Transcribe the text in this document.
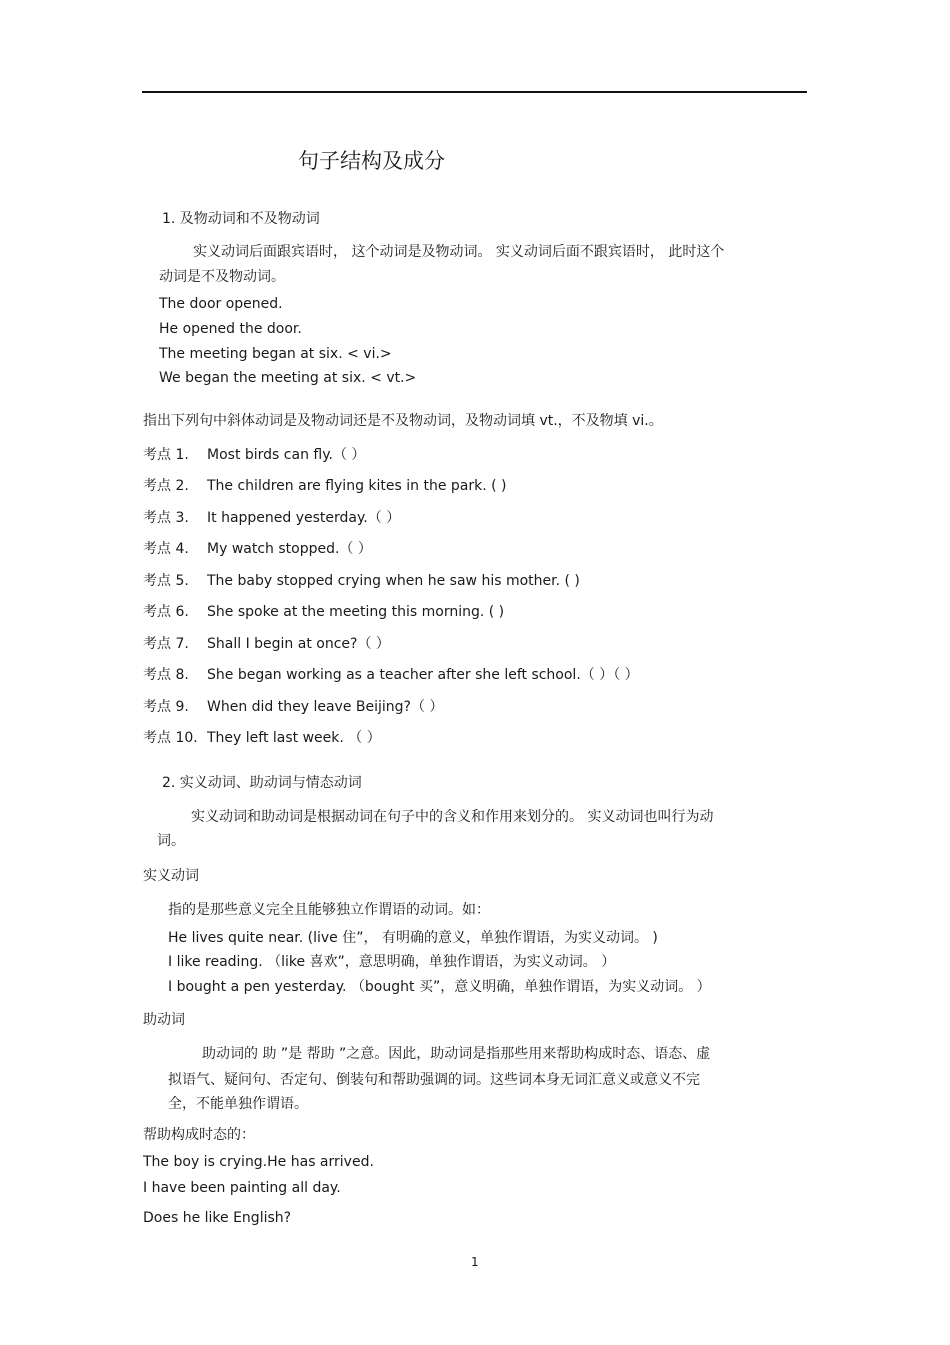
句子结构及成分
1. 及物动词和不及物动词
实义动词后面跟宾语时， 这个动词是及物动词。 实义动词后面不跟宾语时， 此时这个
动词是不及物动词。
The door opened.
He opened the door.
The meeting began at six. < vi.>
We began the meeting at six. < vt.>
指出下列句中斜体动词是及物动词还是不及物动词，及物动词填 vt.，不及物填 vi.。
考点 1. Most birds can fly.（ ）
考点 2. The children are flying kites in the park. ( )
考点 3. It happened yesterday.（ ）
考点 4. My watch stopped.（ ）
考点 5. The baby stopped crying when he saw his mother. ( )
考点 6. She spoke at the meeting this morning. ( )
考点 7. Shall I begin at once?（ ）
考点 8. She began working as a teacher after she left school.（ ）（ ）
考点 9. When did they leave Beijing?（ ）
考点 10. They left last week. （ ）
2. 实义动词、助动词与情态动词
实义动词和助动词是根据动词在句子中的含义和作用来划分的。 实义动词也叫行为动
词。
实义动词
指的是那些意义完全且能够独立作谓语的动词。如：
He lives quite near. (live 住”， 有明确的意义，单独作谓语，为实义动词。 )
I like reading. （like 喜欢”，意思明确，单独作谓语，为实义动词。 ）
I bought a pen yesterday. （bought 买”，意义明确，单独作谓语，为实义动词。 ）
助动词
助动词的 助 ”是 帮助 ”之意。因此，助动词是指那些用来帮助构成时态、语态、虚
拟语气、疑问句、否定句、倒装句和帮助强调的词。这些词本身无词汇意义或意义不完
全，不能单独作谓语。
帮助构成时态的：
The boy is crying.He has arrived.
I have been painting all day.
Does he like English?
1
